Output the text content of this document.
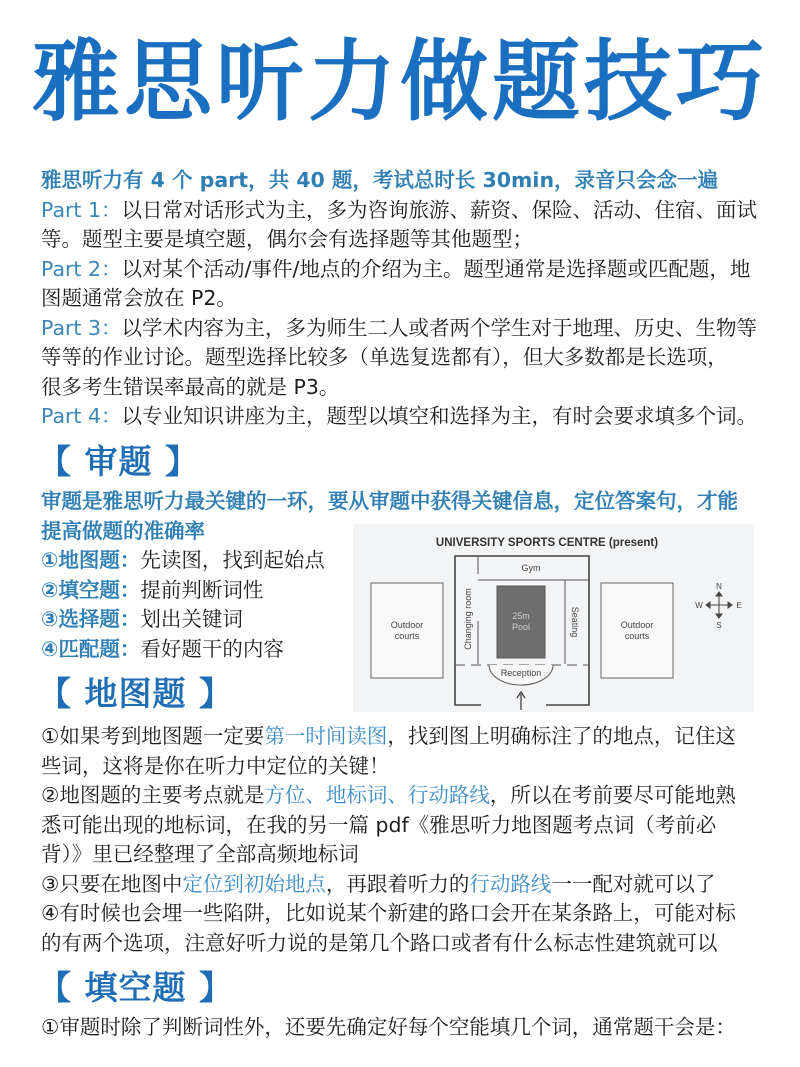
雅思听力做题技巧
雅思听力有 4 个 part，共 40 题，考试总时长 30min，录音只会念一遍
Part 1：以日常对话形式为主，多为咨询旅游、薪资、保险、活动、住宿、面试
等。题型主要是填空题，偶尔会有选择题等其他题型；
Part 2：以对某个活动/事件/地点的介绍为主。题型通常是选择题或匹配题，地
图题通常会放在 P2。
Part 3：以学术内容为主，多为师生二人或者两个学生对于地理、历史、生物等
等等的作业讨论。题型选择比较多（单选复选都有），但大多数都是长选项，
很多考生错误率最高的就是 P3。
Part 4：以专业知识讲座为主，题型以填空和选择为主，有时会要求填多个词。
【 审题 】
审题是雅思听力最关键的一环，要从审题中获得关键信息，定位答案句，才能
提高做题的准确率
①地图题：先读图，找到起始点
②填空题：提前判断词性
③选择题：划出关键词
④匹配题：看好题干的内容
UNIVERSITY SPORTS CENTRE (present)
Outdoor
courts
Gym
Changing room	25m
Pool	Seating
Reception
Outdoor
courts
N
S
W	E
【 地图题 】
①如果考到地图题一定要第一时间读图，找到图上明确标注了的地点，记住这
些词，这将是你在听力中定位的关键！
②地图题的主要考点就是方位、地标词、行动路线，所以在考前要尽可能地熟
悉可能出现的地标词，在我的另一篇 pdf《雅思听力地图题考点词（考前必
背）》里已经整理了全部高频地标词
③只要在地图中定位到初始地点，再跟着听力的行动路线一一配对就可以了
④有时候也会埋一些陷阱，比如说某个新建的路口会开在某条路上，可能对标
的有两个选项，注意好听力说的是第几个路口或者有什么标志性建筑就可以
【 填空题 】
①审题时除了判断词性外，还要先确定好每个空能填几个词，通常题干会是：
